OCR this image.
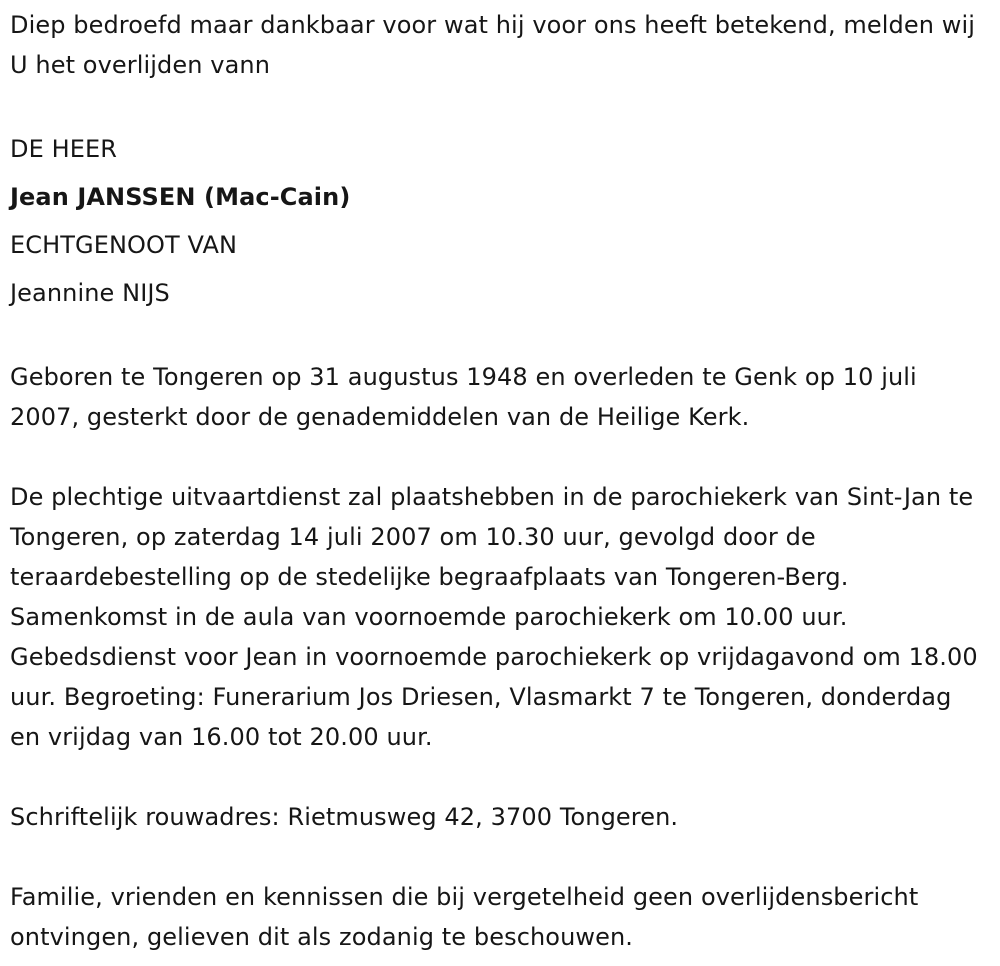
Diep bedroefd maar dankbaar voor wat hij voor ons heeft betekend, melden wij U het overlijden vann

DE HEER

Jean JANSSEN (Mac-Cain)

ECHTGENOOT VAN

Jeannine NIJS

Geboren te Tongeren op 31 augustus 1948 en overleden te Genk op 10 juli 2007, gesterkt door de genademiddelen van de Heilige Kerk.

De plechtige uitvaartdienst zal plaatshebben in de parochiekerk van Sint-Jan te Tongeren, op zaterdag 14 juli 2007 om 10.30 uur, gevolgd door de teraardebestelling op de stedelijke begraafplaats van Tongeren-Berg. Samenkomst in de aula van voornoemde parochiekerk om 10.00 uur. Gebedsdienst voor Jean in voornoemde parochiekerk op vrijdagavond om 18.00 uur. Begroeting: Funerarium Jos Driesen, Vlasmarkt 7 te Tongeren, donderdag en vrijdag van 16.00 tot 20.00 uur.

Schriftelijk rouwadres: Rietmusweg 42, 3700 Tongeren.

Familie, vrienden en kennissen die bij vergetelheid geen overlijdensbericht ontvingen, gelieven dit als zodanig te beschouwen.
